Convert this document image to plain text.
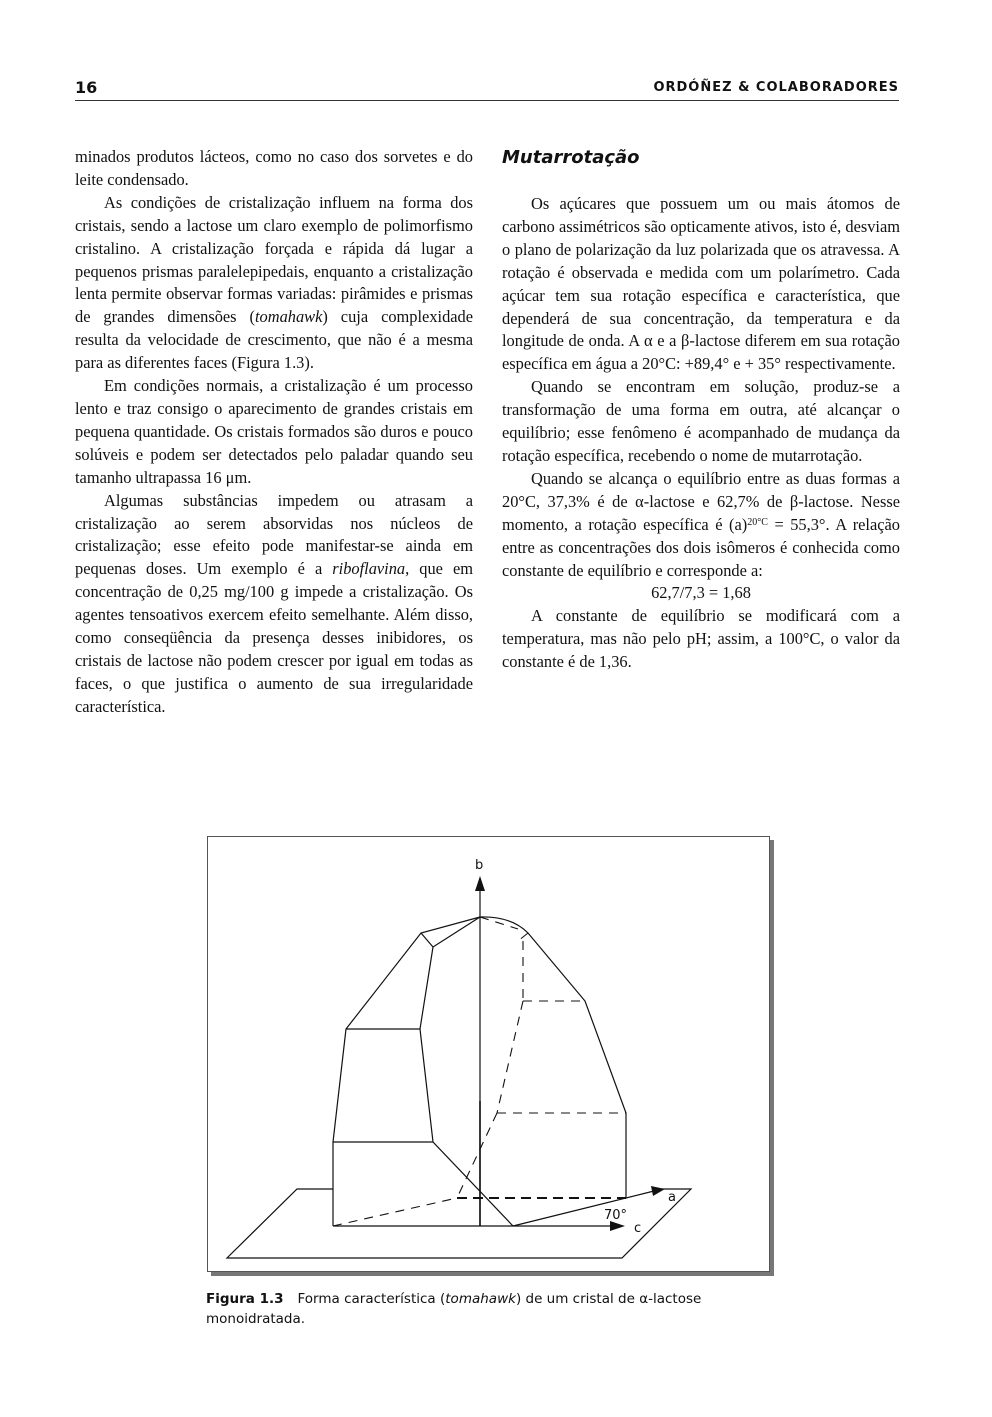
16	ORDÓÑEZ & COLABORADORES

minados produtos lácteos, como no caso dos sorvetes e do leite condensado.

As condições de cristalização influem na forma dos cristais, sendo a lactose um claro exemplo de polimorfismo cristalino. A cristalização forçada e rápida dá lugar a pequenos prismas paralelepipedais, enquanto a cristalização lenta permite observar formas variadas: pirâmides e prismas de grandes dimensões (tomahawk) cuja complexidade resulta da velocidade de crescimento, que não é a mesma para as diferentes faces (Figura 1.3).

Em condições normais, a cristalização é um processo lento e traz consigo o aparecimento de grandes cristais em pequena quantidade. Os cristais formados são duros e pouco solúveis e podem ser detectados pelo paladar quando seu tamanho ultrapassa 16 μm.

Algumas substâncias impedem ou atrasam a cristalização ao serem absorvidas nos núcleos de cristalização; esse efeito pode manifestar-se ainda em pequenas doses. Um exemplo é a riboflavina, que em concentração de 0,25 mg/100 g impede a cristalização. Os agentes tensoativos exercem efeito semelhante. Além disso, como conseqüência da presença desses inibidores, os cristais de lactose não podem crescer por igual em todas as faces, o que justifica o aumento de sua irregularidade característica.

Mutarrotação

Os açúcares que possuem um ou mais átomos de carbono assimétricos são opticamente ativos, isto é, desviam o plano de polarização da luz polarizada que os atravessa. A rotação é observada e medida com um polarímetro. Cada açúcar tem sua rotação específica e característica, que dependerá de sua concentração, da temperatura e da longitude de onda. A α e a β-lactose diferem em sua rotação específica em água a 20°C: +89,4° e + 35° respectivamente.

Quando se encontram em solução, produz-se a transformação de uma forma em outra, até alcançar o equilíbrio; esse fenômeno é acompanhado de mudança da rotação específica, recebendo o nome de mutarrotação.

Quando se alcança o equilíbrio entre as duas formas a 20°C, 37,3% é de α-lactose e 62,7% de β-lactose. Nesse momento, a rotação específica é $(a)^{20^\circ C} = 55,3^\circ$. A relação entre as concentrações dos dois isômeros é conhecida como constante de equilíbrio e corresponde a:

62,7/7,3 = 1,68

A constante de equilíbrio se modificará com a temperatura, mas não pelo pH; assim, a 100°C, o valor da constante é de 1,36.

b
a
c
70°
Figura 1.3 Forma característica (tomahawk) de um cristal de α-lactose monoidratada.
